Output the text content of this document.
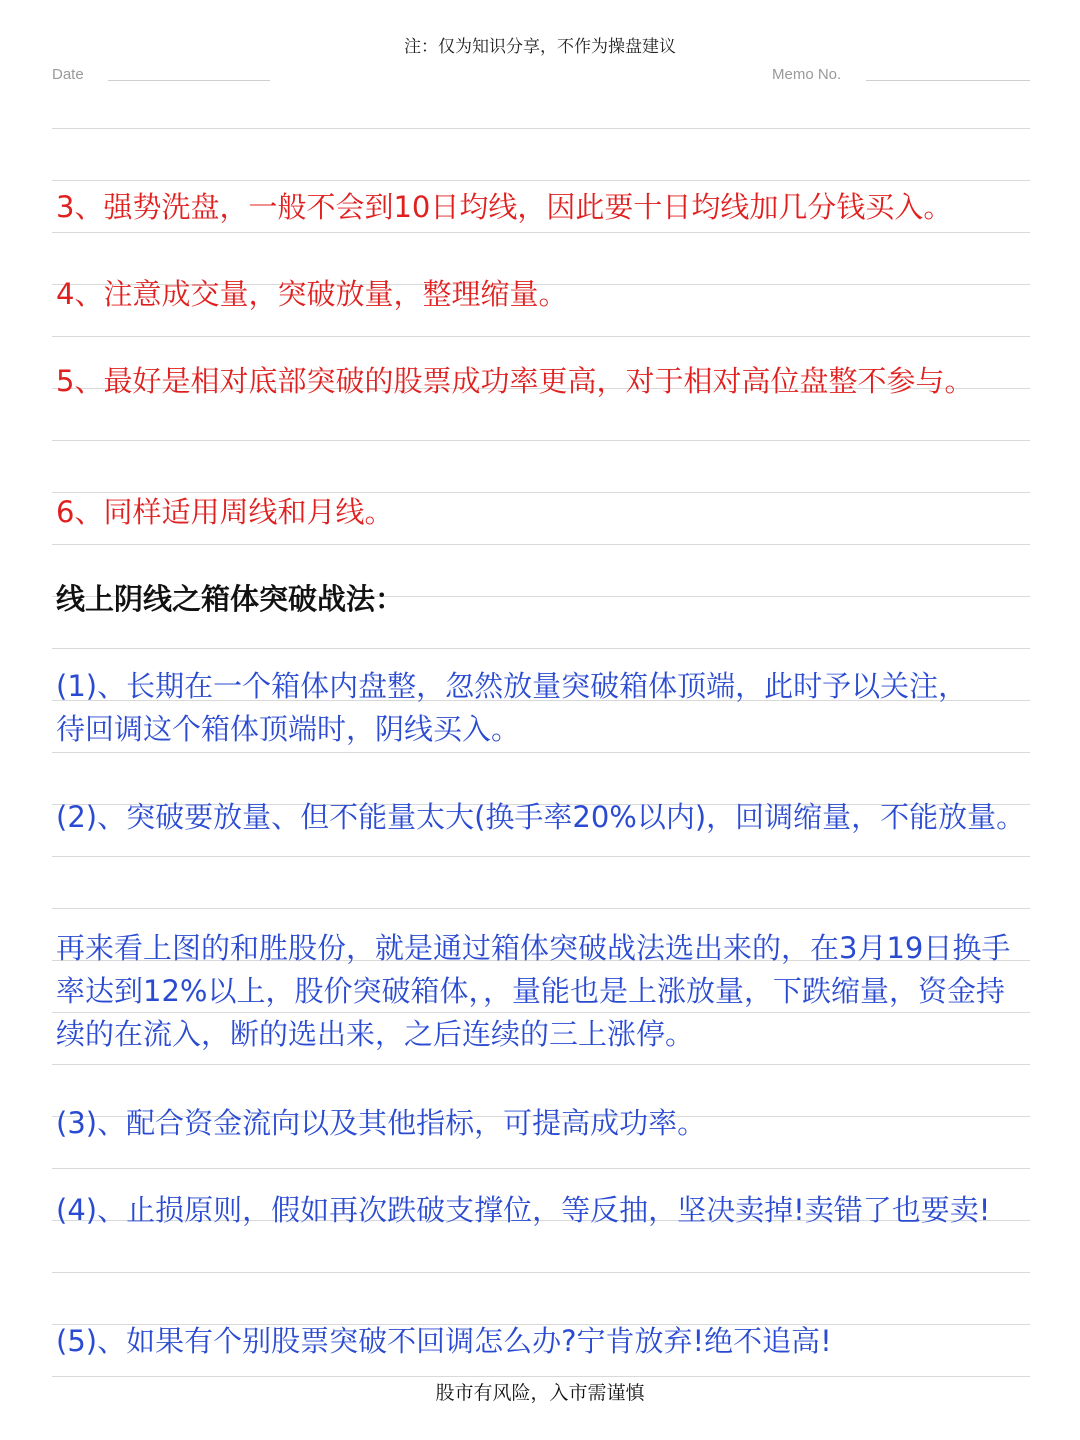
注：仅为知识分享，不作为操盘建议
Date	Memo No.

3、强势洗盘，一般不会到10日均线，因此要十日均线加几分钱买入。

4、注意成交量，突破放量，整理缩量。

5、最好是相对底部突破的股票成功率更高，对于相对高位盘整不参与。

6、同样适用周线和月线。

线上阴线之箱体突破战法：

(1)、长期在一个箱体内盘整，忽然放量突破箱体顶端，此时予以关注，待回调这个箱体顶端时，阴线买入。

(2)、突破要放量、但不能量太大(换手率20%以内)，回调缩量，不能放量。

再来看上图的和胜股份，就是通过箱体突破战法选出来的，在3月19日换手率达到12%以上，股价突破箱体，，量能也是上涨放量，下跌缩量，资金持续的在流入，断的选出来，之后连续的三上涨停。

(3)、配合资金流向以及其他指标，可提高成功率。

(4)、止损原则，假如再次跌破支撑位，等反抽，坚决卖掉!卖错了也要卖!

(5)、如果有个别股票突破不回调怎么办?宁肯放弃!绝不追高!

股市有风险，入市需谨慎
